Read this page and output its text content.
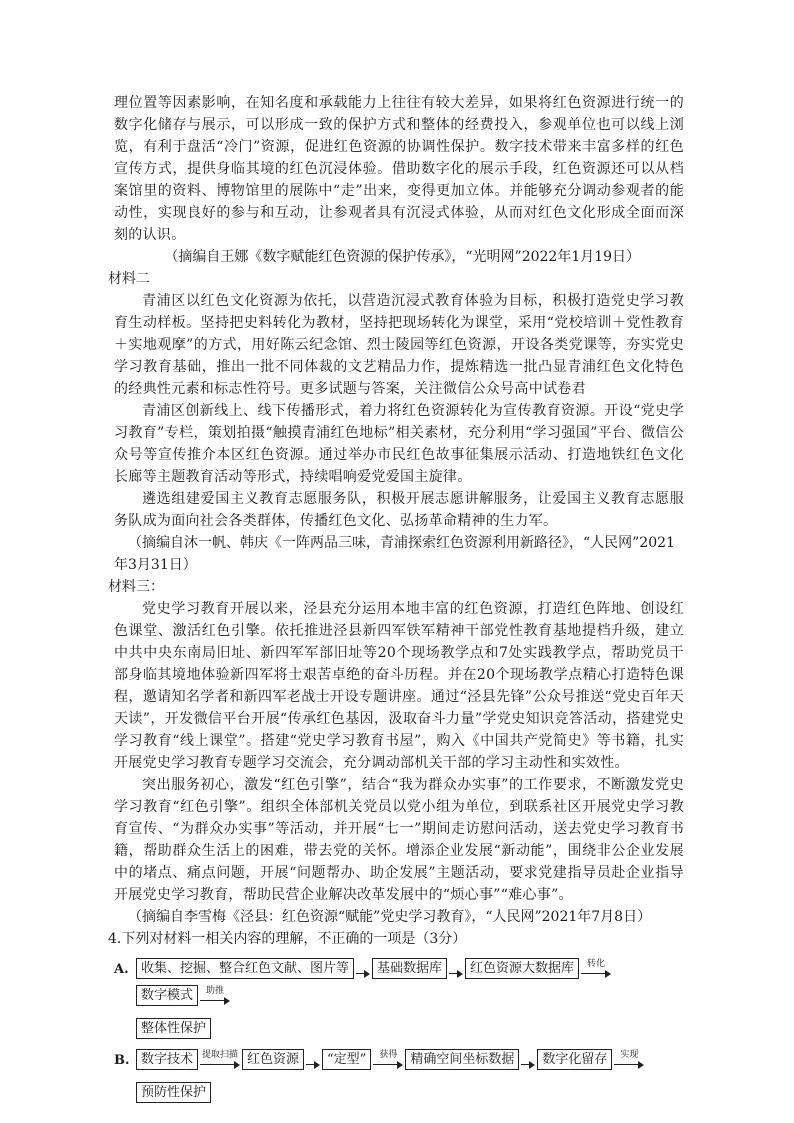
理位置等因素影响，在知名度和承载能力上往往有较大差异，如果将红色资源进行统一的数字化储存与展示，可以形成一致的保护方式和整体的经费投入，参观单位也可以线上浏览，有利于盘活“冷门”资源，促进红色资源的协调性保护。数字技术带来丰富多样的红色宣传方式，提供身临其境的红色沉浸体验。借助数字化的展示手段，红色资源还可以从档案馆里的资料、博物馆里的展陈中“走”出来，变得更加立体。并能够充分调动参观者的能动性，实现良好的参与和互动，让参观者具有沉浸式体验，从而对红色文化形成全面而深刻的认识。

（摘编自王娜《数字赋能红色资源的保护传承》，“光明网”2022年1月19日）

材料二

青浦区以红色文化资源为依托，以营造沉浸式教育体验为目标，积极打造党史学习教育生动样板。坚持把史料转化为教材，坚持把现场转化为课堂，采用“党校培训＋党性教育＋实地观摩”的方式，用好陈云纪念馆、烈士陵园等红色资源，开设各类党课等，夯实党史学习教育基础，推出一批不同体裁的文艺精品力作，提炼精选一批凸显青浦红色文化特色的经典性元素和标志性符号。更多试题与答案，关注微信公众号高中试卷君

青浦区创新线上、线下传播形式，着力将红色资源转化为宣传教育资源。开设“党史学习教育”专栏，策划拍摄“触摸青浦红色地标”相关素材，充分利用“学习强国”平台、微信公众号等宣传推介本区红色资源。通过举办市民红色故事征集展示活动、打造地铁红色文化长廊等主题教育活动等形式，持续唱响爱党爱国主旋律。

遴选组建爱国主义教育志愿服务队，积极开展志愿讲解服务，让爱国主义教育志愿服务队成为面向社会各类群体，传播红色文化、弘扬革命精神的生力军。

（摘编自沐一帆、韩庆《一阵两品三味，青浦探索红色资源利用新路径》，“人民网”2021年3月31日）

材料三：

党史学习教育开展以来，泾县充分运用本地丰富的红色资源，打造红色阵地、创设红色课堂、激活红色引擎。依托推进泾县新四军铁军精神干部党性教育基地提档升级，建立中共中央东南局旧址、新四军军部旧址等20个现场教学点和7处实践教学点，帮助党员干部身临其境地体验新四军将士艰苦卓绝的奋斗历程。并在20个现场教学点精心打造特色课程，邀请知名学者和新四军老战士开设专题讲座。通过“泾县先锋”公众号推送“党史百年天天读”，开发微信平台开展“传承红色基因，汲取奋斗力量”学党史知识竞答活动，搭建党史学习教育“线上课堂”。搭建“党史学习教育书屋”，购入《中国共产党简史》等书籍，扎实开展党史学习教育专题学习交流会，充分调动部机关干部的学习主动性和实效性。

突出服务初心，激发“红色引擎”，结合“我为群众办实事”的工作要求，不断激发党史学习教育“红色引擎”。组织全体部机关党员以党小组为单位，到联系社区开展党史学习教育宣传、“为群众办实事”等活动，并开展“七一”期间走访慰问活动，送去党史学习教育书籍，帮助群众生活上的困难，带去党的关怀。增添企业发展“新动能”，围绕非公企业发展中的堵点、痛点问题，开展“问题帮办、助企发展”主题活动，要求党建指导员赴企业指导开展党史学习教育，帮助民营企业解决改革发展中的“烦心事”“难心事”。

（摘编自李雪梅《泾县：红色资源“赋能”党史学习教育》，“人民网”2021年7月8日）

4.下列对材料一相关内容的理解，不正确的一项是（3分）

A. 收集、挖掘、整合红色文献、图片等	基础数据库	红色资源大数据库	转化
数字模式	助推
整体性保护
B. 数字技术 提取扫描 红色资源	“定型”	获得	精确空间坐标数据	数字化留存	实现
预防性保护
